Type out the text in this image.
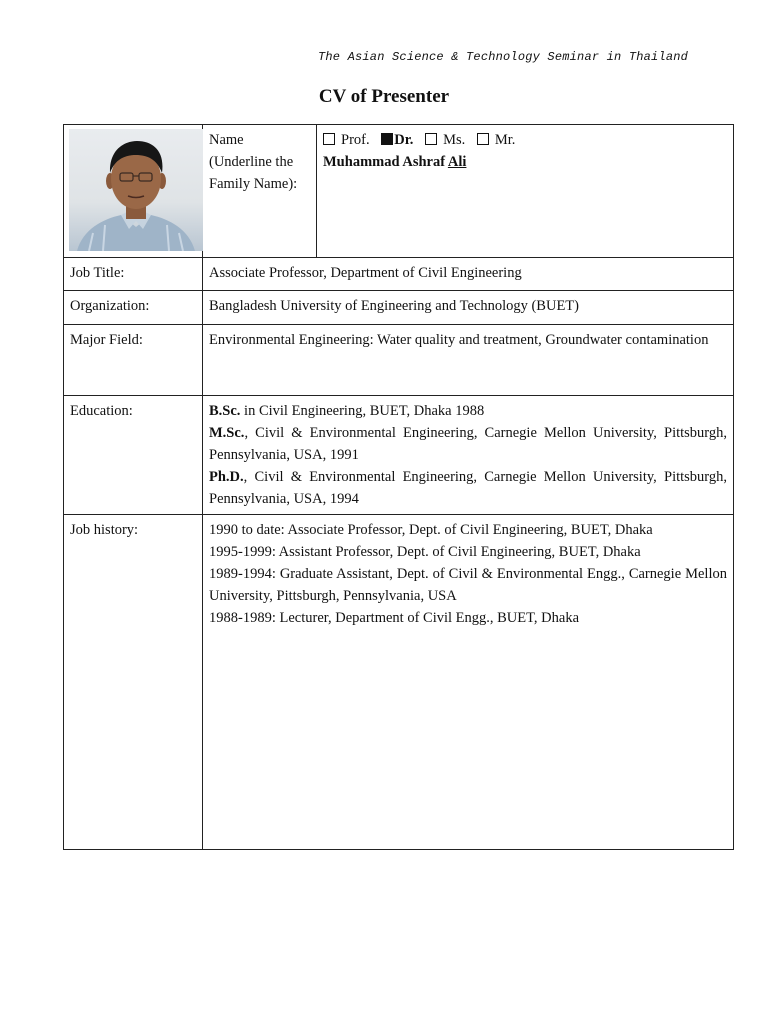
The Asian Science & Technology Seminar in Thailand
CV of Presenter
	Name (Underline the Family Name):	Prof. Dr. Ms. Mr.
Muhammad Ashraf Ali

Job Title:	Associate Professor, Department of Civil Engineering	
Organization:	Bangladesh University of Engineering and Technology (BUET)	
Major Field:	Environmental Engineering: Water quality and treatment, Groundwater contamination	
Education:	B.Sc. in Civil Engineering, BUET, Dhaka 1988
M.Sc., Civil & Environmental Engineering, Carnegie Mellon University, Pittsburgh, Pennsylvania, USA, 1991
Ph.D., Civil & Environmental Engineering, Carnegie Mellon University, Pittsburgh, Pennsylvania, USA, 1994	

Job history:	1990 to date: Associate Professor, Dept. of Civil Engineering, BUET, Dhaka
1995-1999: Assistant Professor, Dept. of Civil Engineering, BUET, Dhaka
1989-1994: Graduate Assistant, Dept. of Civil & Environmental Engg., Carnegie Mellon University, Pittsburgh, Pennsylvania, USA
1988-1989: Lecturer, Department of Civil Engg., BUET, Dhaka	
